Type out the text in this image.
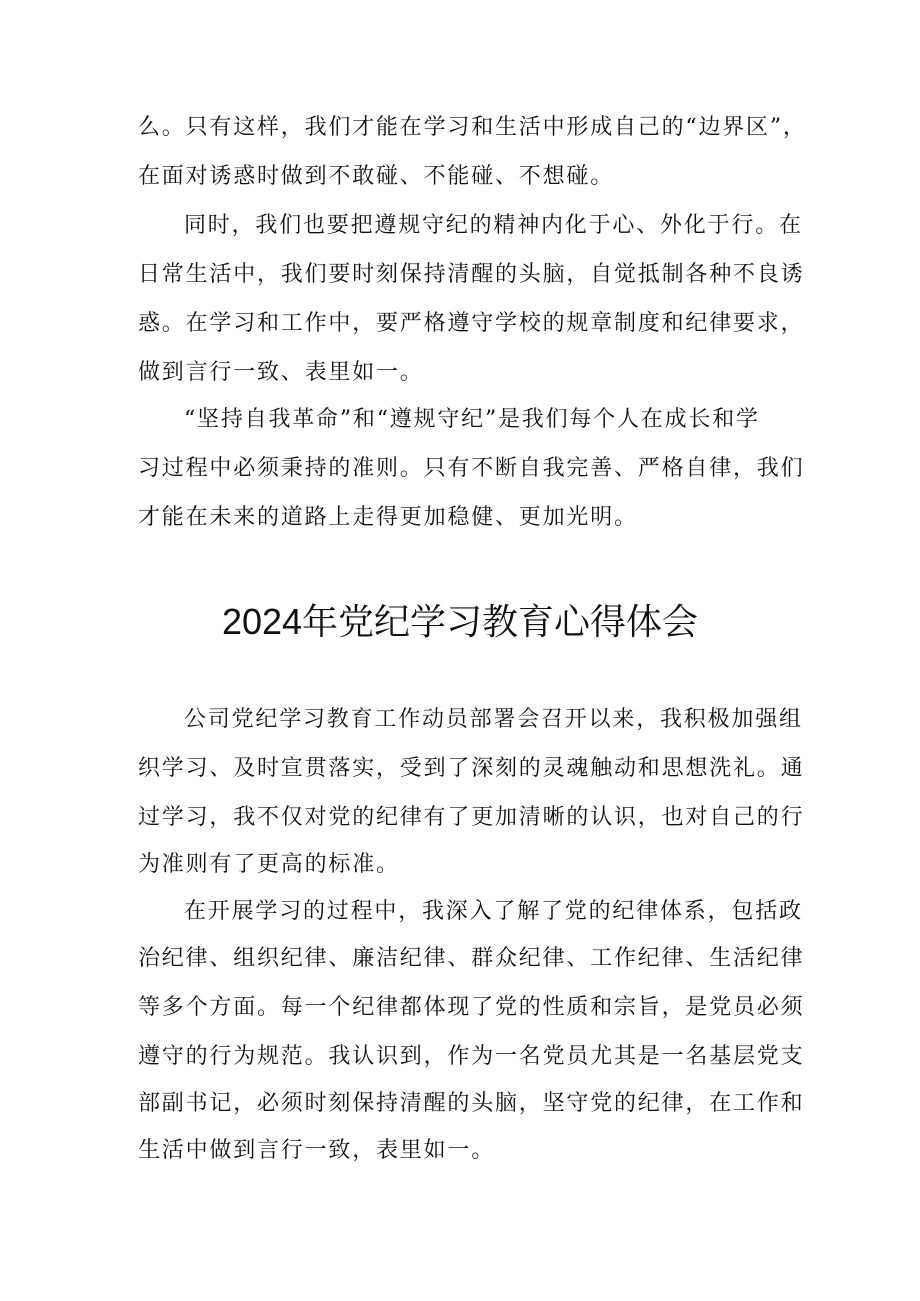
么。只有这样，我们才能在学习和生活中形成自己的“边界区”，
在面对诱惑时做到不敢碰、不能碰、不想碰。
同时，我们也要把遵规守纪的精神内化于心、外化于行。在
日常生活中，我们要时刻保持清醒的头脑，自觉抵制各种不良诱
惑。在学习和工作中，要严格遵守学校的规章制度和纪律要求，
做到言行一致、表里如一。
“坚持自我革命”和“遵规守纪”是我们每个人在成长和学
习过程中必须秉持的准则。只有不断自我完善、严格自律，我们
才能在未来的道路上走得更加稳健、更加光明。
2024年党纪学习教育心得体会
公司党纪学习教育工作动员部署会召开以来，我积极加强组
织学习、及时宣贯落实，受到了深刻的灵魂触动和思想洗礼。通
过学习，我不仅对党的纪律有了更加清晰的认识，也对自己的行
为准则有了更高的标准。
在开展学习的过程中，我深入了解了党的纪律体系，包括政
治纪律、组织纪律、廉洁纪律、群众纪律、工作纪律、生活纪律
等多个方面。每一个纪律都体现了党的性质和宗旨，是党员必须
遵守的行为规范。我认识到，作为一名党员尤其是一名基层党支
部副书记，必须时刻保持清醒的头脑，坚守党的纪律，在工作和
生活中做到言行一致，表里如一。
